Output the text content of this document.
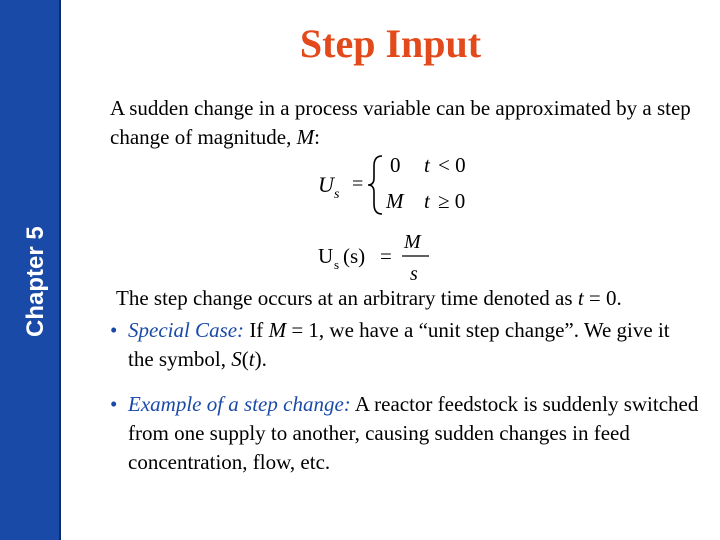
Chapter 5
Step Input
A sudden change in a process variable can be approximated by a step change of magnitude, M:
U s =
0 t < 0
M t ≥ 0
U s (s) =
M
s
The step change occurs at an arbitrary time denoted as t = 0.
• Special Case: If M = 1, we have a “unit step change”. We give it the symbol, S(t).
• Example of a step change: A reactor feedstock is suddenly switched from one supply to another, causing sudden changes in feed concentration, flow, etc.
